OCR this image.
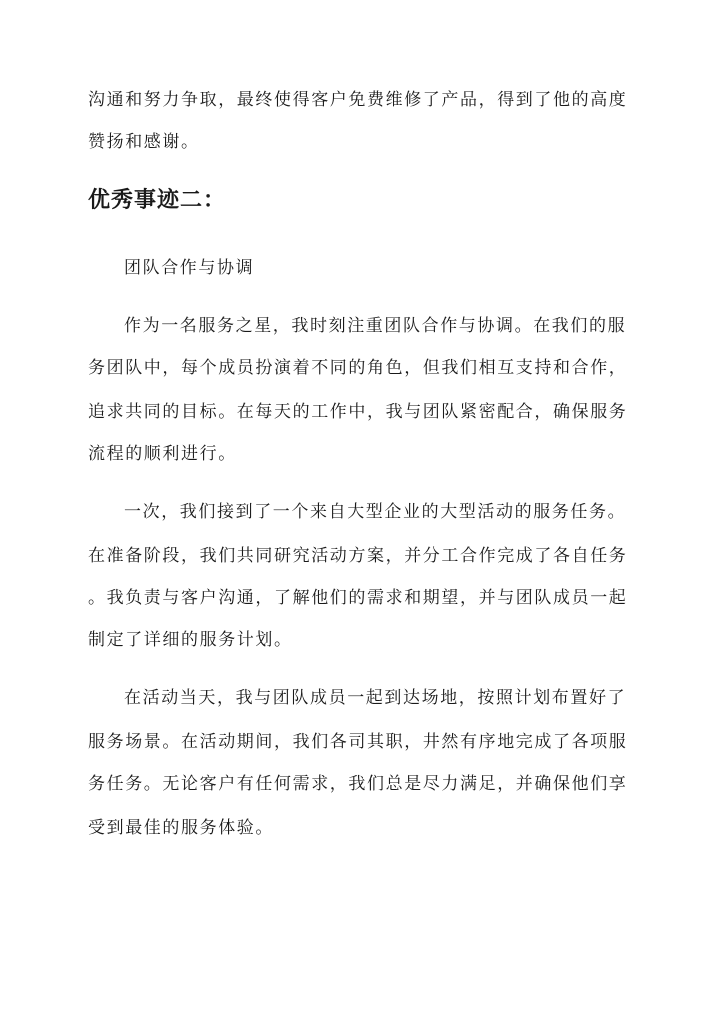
沟通和努力争取，最终使得客户免费维修了产品，得到了他的高度
赞扬和感谢。
优秀事迹二：
团队合作与协调
作为一名服务之星，我时刻注重团队合作与协调。在我们的服
务团队中，每个成员扮演着不同的角色，但我们相互支持和合作，
追求共同的目标。在每天的工作中，我与团队紧密配合，确保服务
流程的顺利进行。
一次，我们接到了一个来自大型企业的大型活动的服务任务。
在准备阶段，我们共同研究活动方案，并分工合作完成了各自任务
。我负责与客户沟通，了解他们的需求和期望，并与团队成员一起
制定了详细的服务计划。
在活动当天，我与团队成员一起到达场地，按照计划布置好了
服务场景。在活动期间，我们各司其职，井然有序地完成了各项服
务任务。无论客户有任何需求，我们总是尽力满足，并确保他们享
受到最佳的服务体验。
